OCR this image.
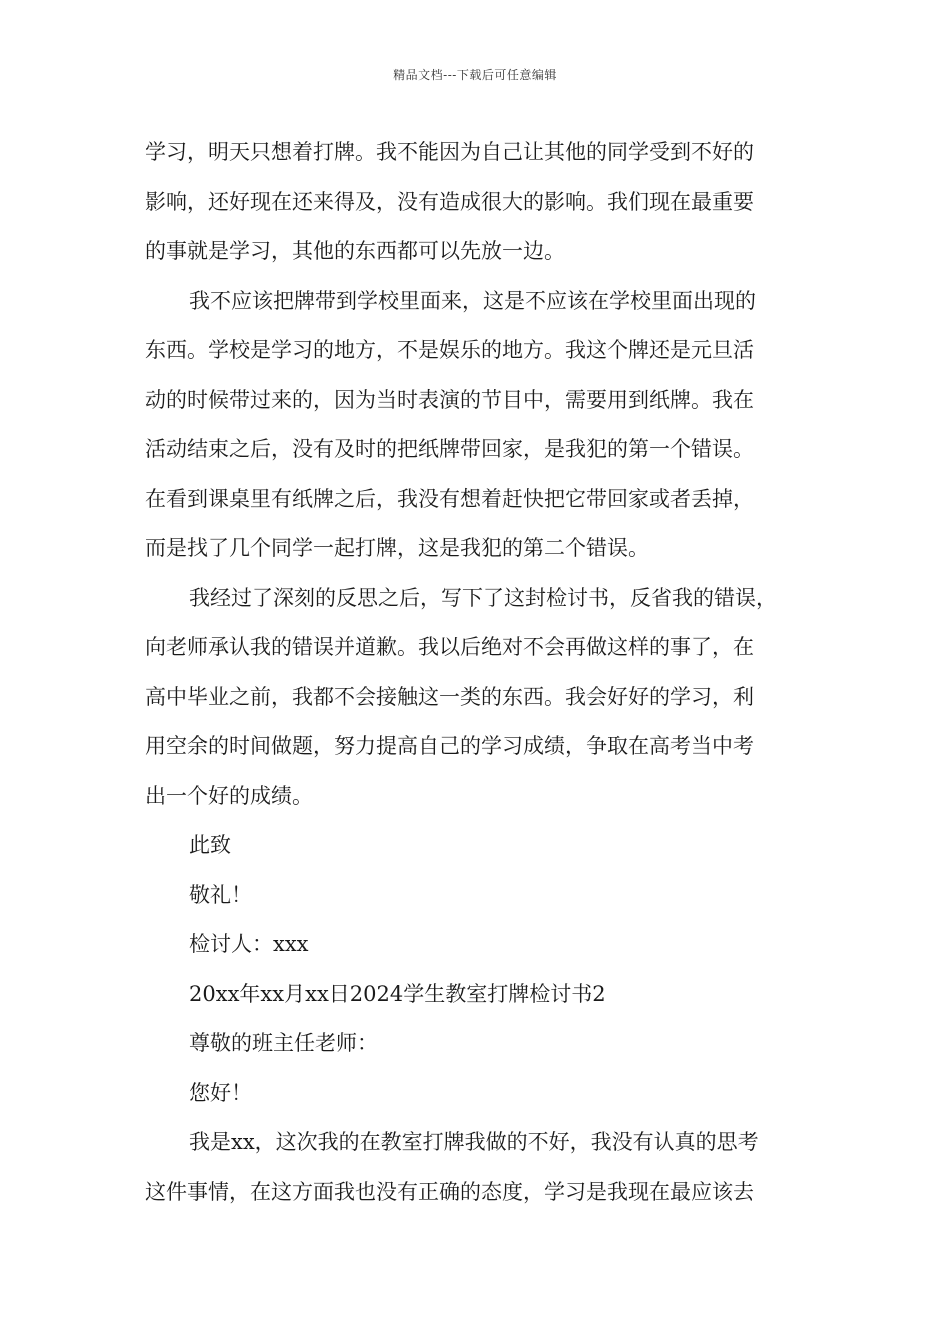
精品文档---下载后可任意编辑
学习，明天只想着打牌。我不能因为自己让其他的同学受到不好的
影响，还好现在还来得及，没有造成很大的影响。我们现在最重要
的事就是学习，其他的东西都可以先放一边。
我不应该把牌带到学校里面来，这是不应该在学校里面出现的
东西。学校是学习的地方，不是娱乐的地方。我这个牌还是元旦活
动的时候带过来的，因为当时表演的节目中，需要用到纸牌。我在
活动结束之后，没有及时的把纸牌带回家，是我犯的第一个错误。
在看到课桌里有纸牌之后，我没有想着赶快把它带回家或者丢掉，
而是找了几个同学一起打牌，这是我犯的第二个错误。
我经过了深刻的反思之后，写下了这封检讨书，反省我的错误，
向老师承认我的错误并道歉。我以后绝对不会再做这样的事了，在
高中毕业之前，我都不会接触这一类的东西。我会好好的学习，利
用空余的时间做题，努力提高自己的学习成绩，争取在高考当中考
出一个好的成绩。
此致
敬礼！
检讨人：xxx
20xx年xx月xx日2024学生教室打牌检讨书2
尊敬的班主任老师：
您好！
我是xx，这次我的在教室打牌我做的不好，我没有认真的思考
这件事情，在这方面我也没有正确的态度，学习是我现在最应该去
